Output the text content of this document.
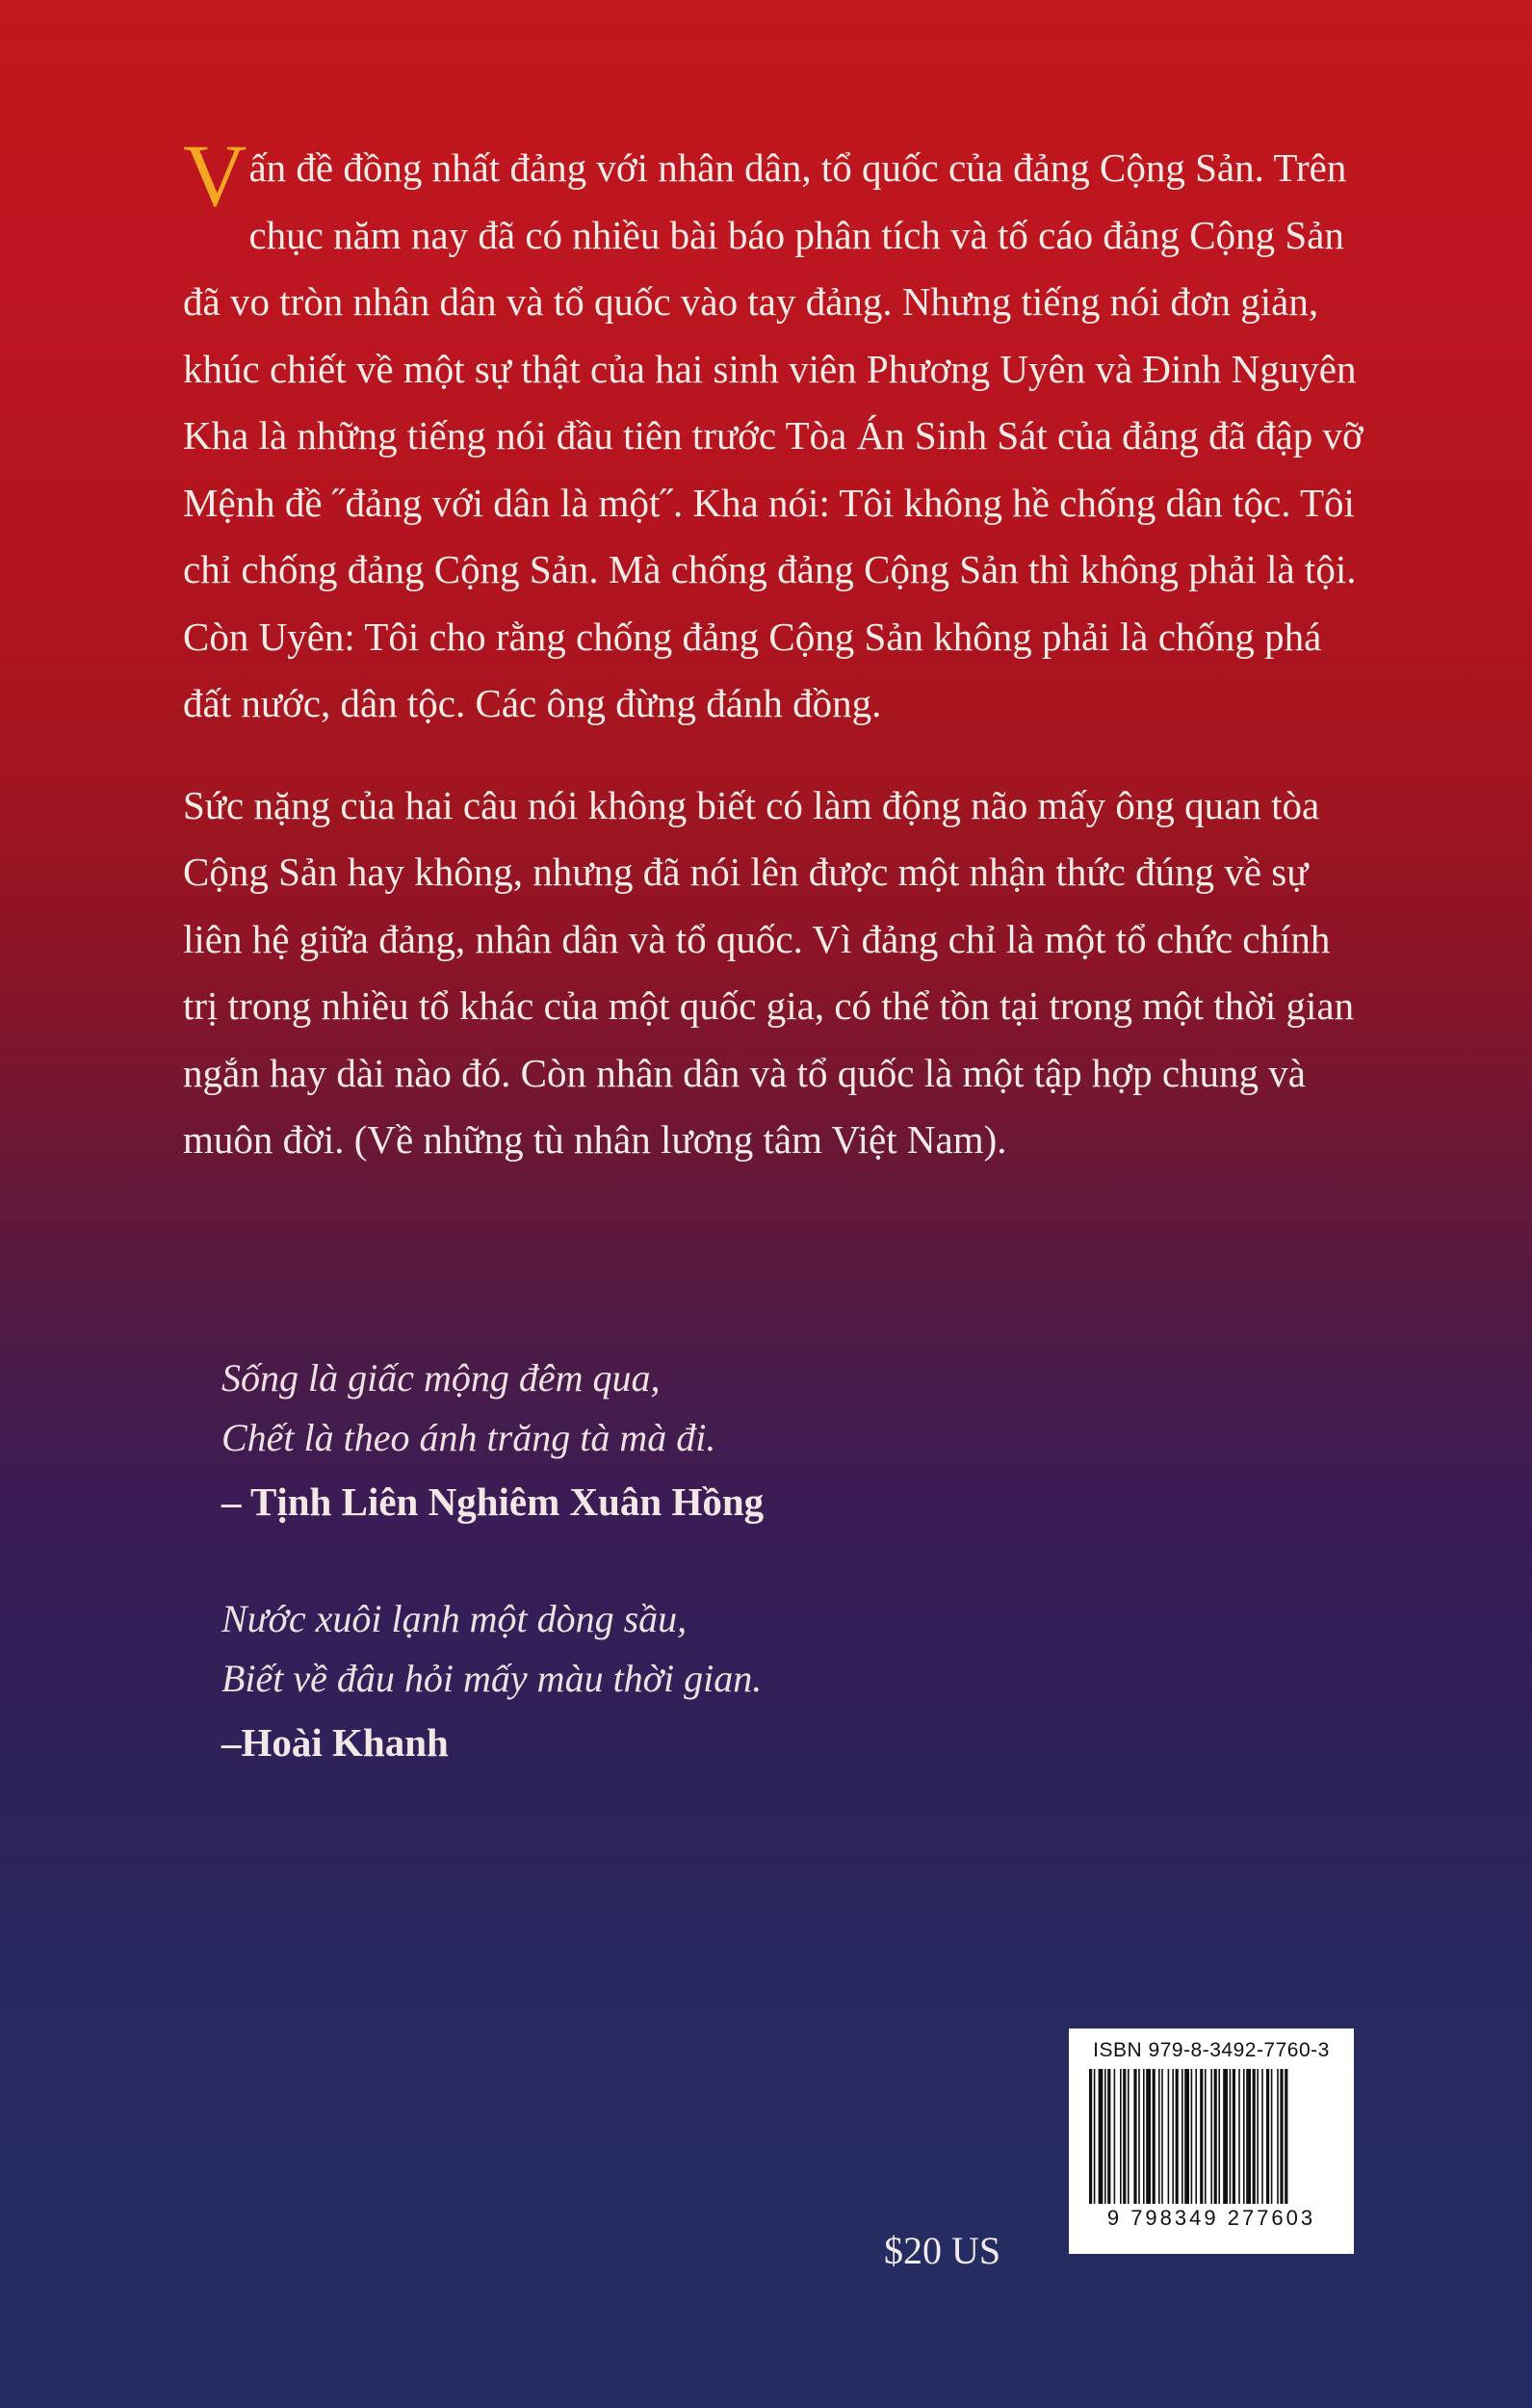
Vấn đề đồng nhất đảng với nhân dân, tổ quốc của đảng Cộng Sản. Trên chục năm nay đã có nhiều bài báo phân tích và tố cáo đảng Cộng Sản đã vo tròn nhân dân và tổ quốc vào tay đảng. Nhưng tiếng nói đơn giản, khúc chiết về một sự thật của hai sinh viên Phương Uyên và Đinh Nguyên Kha là những tiếng nói đầu tiên trước Tòa Án Sinh Sát của đảng đã đập vỡ Mệnh đề ˝đảng với dân là một˝. Kha nói: Tôi không hề chống dân tộc. Tôi chỉ chống đảng Cộng Sản. Mà chống đảng Cộng Sản thì không phải là tội. Còn Uyên: Tôi cho rằng chống đảng Cộng Sản không phải là chống phá đất nước, dân tộc. Các ông đừng đánh đồng.

Sức nặng của hai câu nói không biết có làm động não mấy ông quan tòa Cộng Sản hay không, nhưng đã nói lên được một nhận thức đúng về sự liên hệ giữa đảng, nhân dân và tổ quốc. Vì đảng chỉ là một tổ chức chính trị trong nhiều tổ khác của một quốc gia, có thể tồn tại trong một thời gian ngắn hay dài nào đó. Còn nhân dân và tổ quốc là một tập hợp chung và muôn đời. (Về những tù nhân lương tâm Việt Nam).

Sống là giấc mộng đêm qua,
Chết là theo ánh trăng tà mà đi.
– Tịnh Liên Nghiêm Xuân Hồng
Nước xuôi lạnh một dòng sầu,
Biết về đâu hỏi mấy màu thời gian.
–Hoài Khanh
$20 US
ISBN 979-8-3492-7760-3
9 798349 277603
